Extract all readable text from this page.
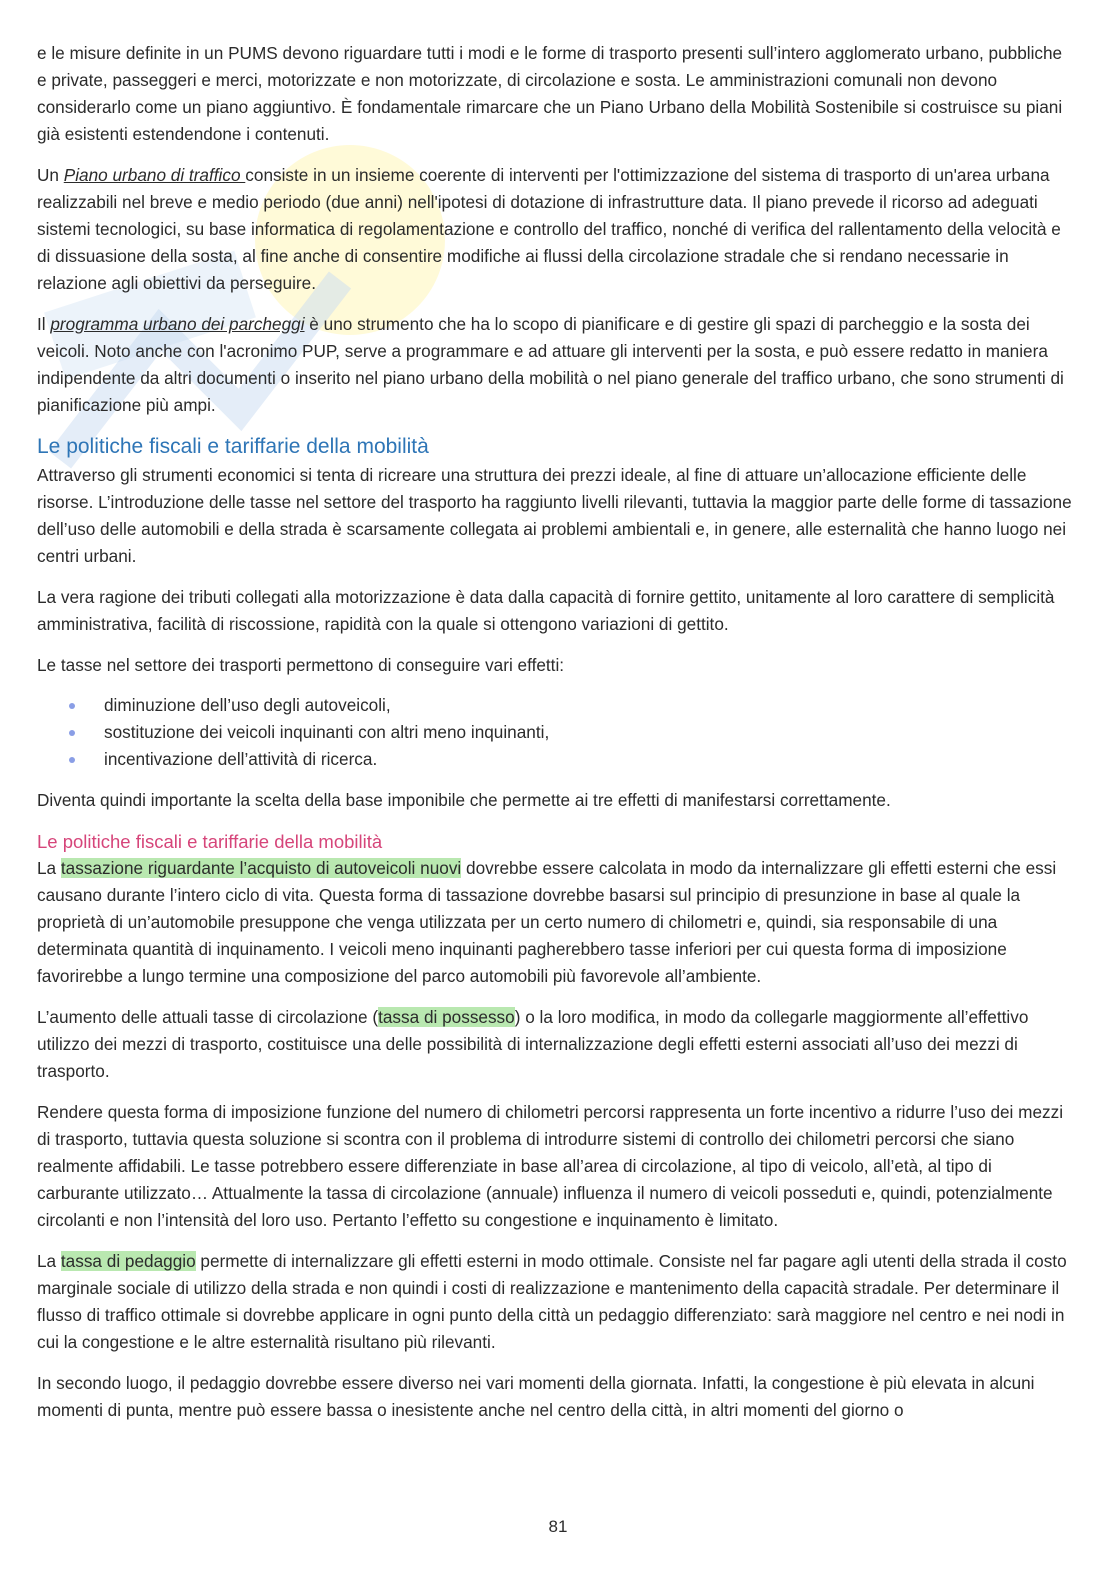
e le misure definite in un PUMS devono riguardare tutti i modi e le forme di trasporto presenti sull’intero agglomerato urbano, pubbliche e private, passeggeri e merci, motorizzate e non motorizzate, di circolazione e sosta. Le amministrazioni comunali non devono considerarlo come un piano aggiuntivo. È fondamentale rimarcare che un Piano Urbano della Mobilità Sostenibile si costruisce su piani già esistenti estendendone i contenuti.

Un Piano urbano di traffico consiste in un insieme coerente di interventi per l'ottimizzazione del sistema di trasporto di un'area urbana realizzabili nel breve e medio periodo (due anni) nell'ipotesi di dotazione di infrastrutture data. Il piano prevede il ricorso ad adeguati sistemi tecnologici, su base informatica di regolamentazione e controllo del traffico, nonché di verifica del rallentamento della velocità e di dissuasione della sosta, al fine anche di consentire modifiche ai flussi della circolazione stradale che si rendano necessarie in relazione agli obiettivi da perseguire.

Il programma urbano dei parcheggi è uno strumento che ha lo scopo di pianificare e di gestire gli spazi di parcheggio e la sosta dei veicoli. Noto anche con l'acronimo PUP, serve a programmare e ad attuare gli interventi per la sosta, e può essere redatto in maniera indipendente da altri documenti o inserito nel piano urbano della mobilità o nel piano generale del traffico urbano, che sono strumenti di pianificazione più ampi.

Le politiche fiscali e tariffarie della mobilità

Attraverso gli strumenti economici si tenta di ricreare una struttura dei prezzi ideale, al fine di attuare un’allocazione efficiente delle risorse. L’introduzione delle tasse nel settore del trasporto ha raggiunto livelli rilevanti, tuttavia la maggior parte delle forme di tassazione dell’uso delle automobili e della strada è scarsamente collegata ai problemi ambientali e, in genere, alle esternalità che hanno luogo nei centri urbani.

La vera ragione dei tributi collegati alla motorizzazione è data dalla capacità di fornire gettito, unitamente al loro carattere di semplicità amministrativa, facilità di riscossione, rapidità con la quale si ottengono variazioni di gettito.

Le tasse nel settore dei trasporti permettono di conseguire vari effetti:

diminuzione dell’uso degli autoveicoli,
sostituzione dei veicoli inquinanti con altri meno inquinanti,
incentivazione dell’attività di ricerca.

Diventa quindi importante la scelta della base imponibile che permette ai tre effetti di manifestarsi correttamente.

Le politiche fiscali e tariffarie della mobilità

La tassazione riguardante l’acquisto di autoveicoli nuovi dovrebbe essere calcolata in modo da internalizzare gli effetti esterni che essi causano durante l’intero ciclo di vita. Questa forma di tassazione dovrebbe basarsi sul principio di presunzione in base al quale la proprietà di un’automobile presuppone che venga utilizzata per un certo numero di chilometri e, quindi, sia responsabile di una determinata quantità di inquinamento. I veicoli meno inquinanti pagherebbero tasse inferiori per cui questa forma di imposizione favorirebbe a lungo termine una composizione del parco automobili più favorevole all’ambiente.

L’aumento delle attuali tasse di circolazione (tassa di possesso) o la loro modifica, in modo da collegarle maggiormente all’effettivo utilizzo dei mezzi di trasporto, costituisce una delle possibilità di internalizzazione degli effetti esterni associati all’uso dei mezzi di trasporto.

Rendere questa forma di imposizione funzione del numero di chilometri percorsi rappresenta un forte incentivo a ridurre l’uso dei mezzi di trasporto, tuttavia questa soluzione si scontra con il problema di introdurre sistemi di controllo dei chilometri percorsi che siano realmente affidabili. Le tasse potrebbero essere differenziate in base all’area di circolazione, al tipo di veicolo, all’età, al tipo di carburante utilizzato… Attualmente la tassa di circolazione (annuale) influenza il numero di veicoli posseduti e, quindi, potenzialmente circolanti e non l’intensità del loro uso. Pertanto l’effetto su congestione e inquinamento è limitato.

La tassa di pedaggio permette di internalizzare gli effetti esterni in modo ottimale. Consiste nel far pagare agli utenti della strada il costo marginale sociale di utilizzo della strada e non quindi i costi di realizzazione e mantenimento della capacità stradale. Per determinare il flusso di traffico ottimale si dovrebbe applicare in ogni punto della città un pedaggio differenziato: sarà maggiore nel centro e nei nodi in cui la congestione e le altre esternalità risultano più rilevanti.

In secondo luogo, il pedaggio dovrebbe essere diverso nei vari momenti della giornata. Infatti, la congestione è più elevata in alcuni momenti di punta, mentre può essere bassa o inesistente anche nel centro della città, in altri momenti del giorno o

81
